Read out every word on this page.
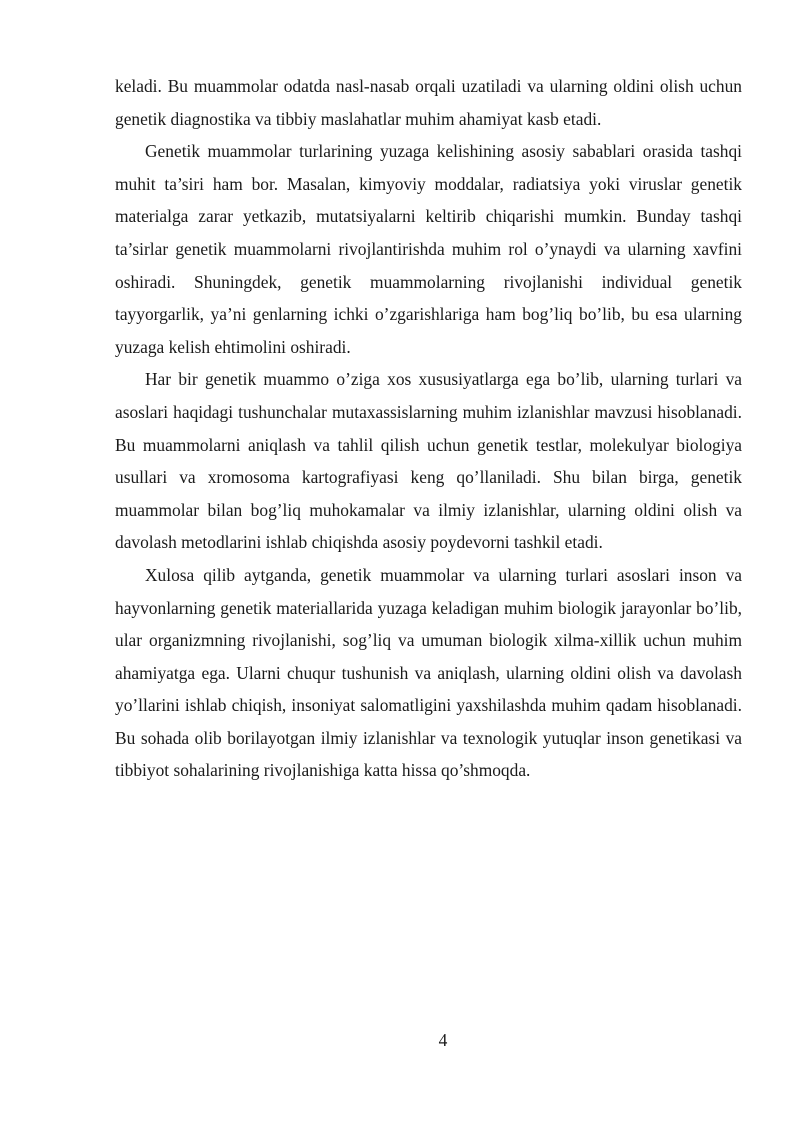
keladi. Bu muammolar odatda nasl-nasab orqali uzatiladi va ularning oldini olish uchun genetik diagnostika va tibbiy maslahatlar muhim ahamiyat kasb etadi.

Genetik muammolar turlarining yuzaga kelishining asosiy sabablari orasida tashqi muhit ta’siri ham bor. Masalan, kimyoviy moddalar, radiatsiya yoki viruslar genetik materialga zarar yetkazib, mutatsiyalarni keltirib chiqarishi mumkin. Bunday tashqi ta’sirlar genetik muammolarni rivojlantirishda muhim rol o’ynaydi va ularning xavfini oshiradi. Shuningdek, genetik muammolarning rivojlanishi individual genetik tayyorgarlik, ya’ni genlarning ichki o’zgarishlariga ham bog’liq bo’lib, bu esa ularning yuzaga kelish ehtimolini oshiradi.

Har bir genetik muammo o’ziga xos xususiyatlarga ega bo’lib, ularning turlari va asoslari haqidagi tushunchalar mutaxassislarning muhim izlanishlar mavzusi hisoblanadi. Bu muammolarni aniqlash va tahlil qilish uchun genetik testlar, molekulyar biologiya usullari va xromosoma kartografiyasi keng qo’llaniladi. Shu bilan birga, genetik muammolar bilan bog’liq muhokamalar va ilmiy izlanishlar, ularning oldini olish va davolash metodlarini ishlab chiqishda asosiy poydevorni tashkil etadi.

Xulosa qilib aytganda, genetik muammolar va ularning turlari asoslari inson va hayvonlarning genetik materiallarida yuzaga keladigan muhim biologik jarayonlar bo’lib, ular organizmning rivojlanishi, sog’liq va umuman biologik xilma-xillik uchun muhim ahamiyatga ega. Ularni chuqur tushunish va aniqlash, ularning oldini olish va davolash yo’llarini ishlab chiqish, insoniyat salomatligini yaxshilashda muhim qadam hisoblanadi. Bu sohada olib borilayotgan ilmiy izlanishlar va texnologik yutuqlar inson genetikasi va tibbiyot sohalarining rivojlanishiga katta hissa qo’shmoqda.

4
